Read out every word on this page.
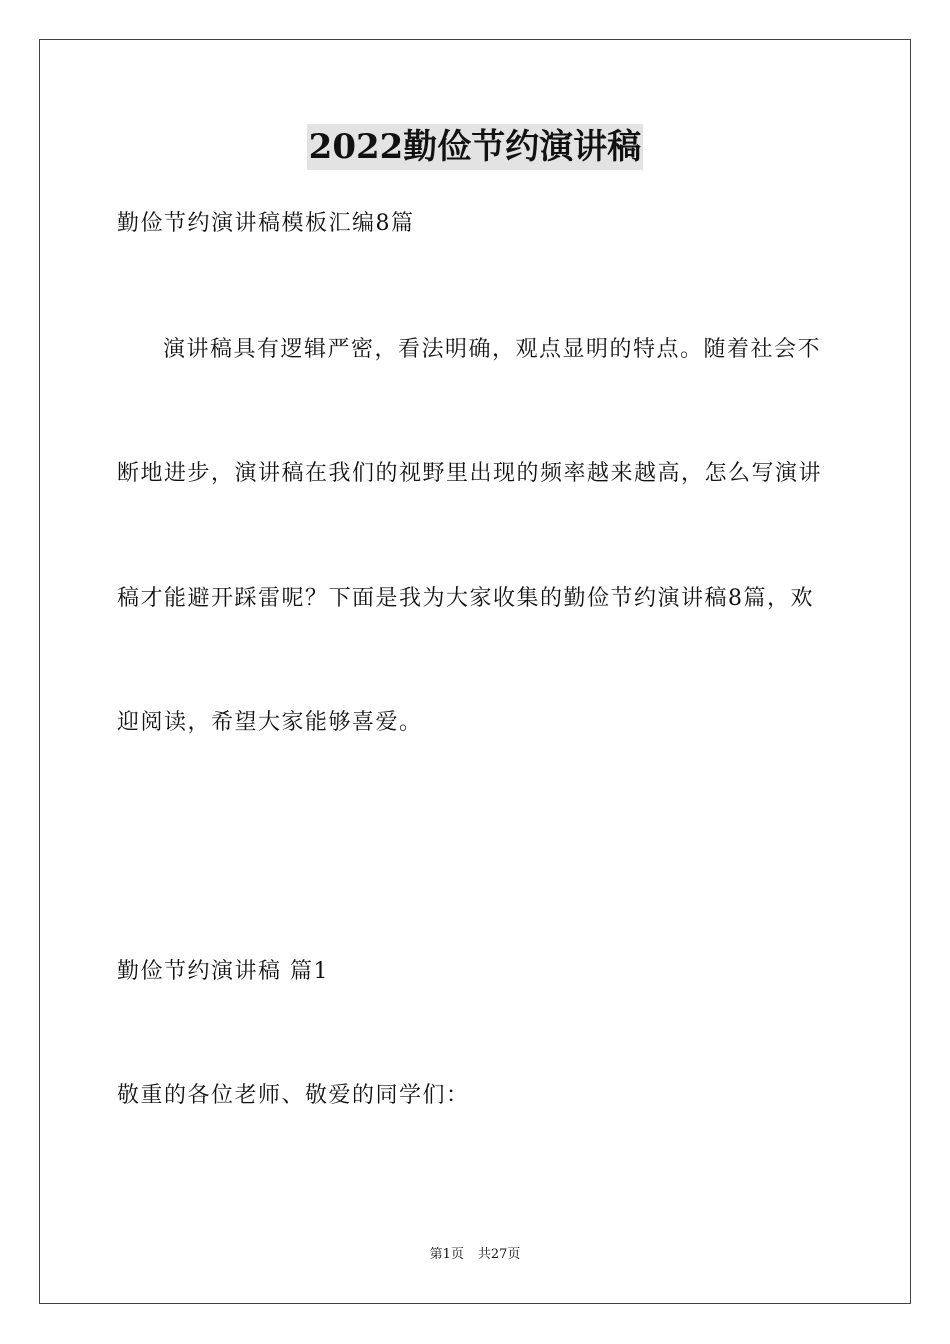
2022勤俭节约演讲稿
勤俭节约演讲稿模板汇编8篇
演讲稿具有逻辑严密，看法明确，观点显明的特点。随着社会不
断地进步，演讲稿在我们的视野里出现的频率越来越高，怎么写演讲
稿才能避开踩雷呢？下面是我为大家收集的勤俭节约演讲稿8篇，欢
迎阅读，希望大家能够喜爱。
勤俭节约演讲稿 篇1
敬重的各位老师、敬爱的同学们：
第1页 共27页
